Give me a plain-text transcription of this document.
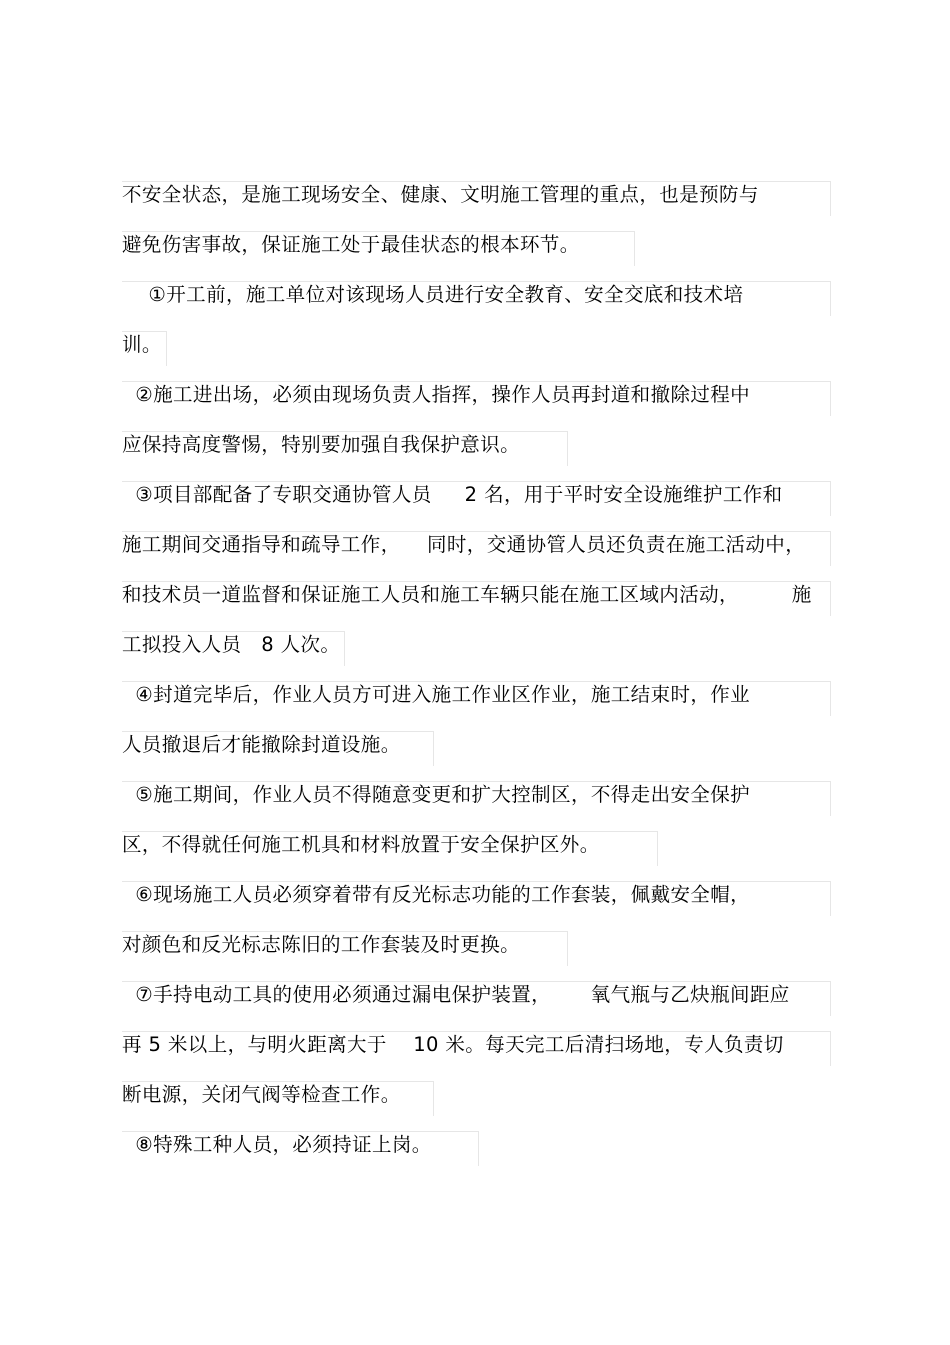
不安全状态，是施工现场安全、健康、文明施工管理的重点，也是预防与
避免伤害事故，保证施工处于最佳状态的根本环节。
①开工前，施工单位对该现场人员进行安全教育、安全交底和技术培
训。
②施工进出场，必须由现场负责人指挥，操作人员再封道和撤除过程中
应保持高度警惕，特别要加强自我保护意识。
③项目部配备了专职交通协管人员     2 名，用于平时安全设施维护工作和
施工期间交通指导和疏导工作，    同时，交通协管人员还负责在施工活动中，
和技术员一道监督和保证施工人员和施工车辆只能在施工区域内活动，        施
工拟投入人员   8 人次。
④封道完毕后，作业人员方可进入施工作业区作业，施工结束时，作业
人员撤退后才能撤除封道设施。
⑤施工期间，作业人员不得随意变更和扩大控制区，不得走出安全保护
区，不得就任何施工机具和材料放置于安全保护区外。
⑥现场施工人员必须穿着带有反光标志功能的工作套装，佩戴安全帽，
对颜色和反光标志陈旧的工作套装及时更换。
⑦手持电动工具的使用必须通过漏电保护装置，      氧气瓶与乙炔瓶间距应
再 5 米以上，与明火距离大于    10 米。每天完工后清扫场地，专人负责切
断电源，关闭气阀等检查工作。
⑧特殊工种人员，必须持证上岗。
